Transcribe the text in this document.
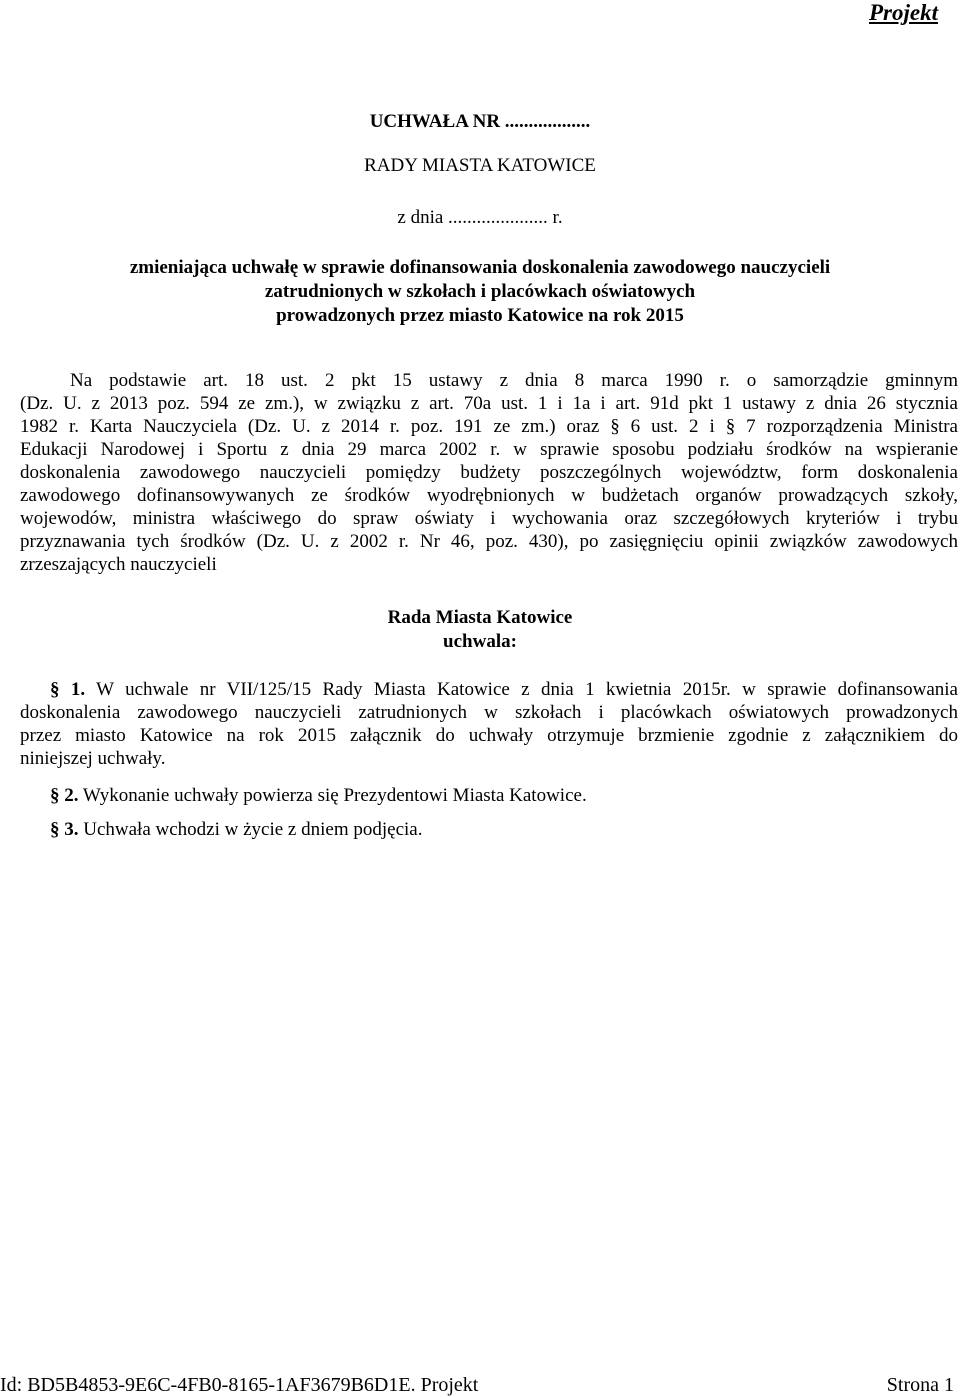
Projekt
UCHWAŁA NR ..................
RADY MIASTA KATOWICE
z dnia ..................... r.
zmieniająca uchwałę w sprawie dofinansowania doskonalenia zawodowego nauczycieli
zatrudnionych w szkołach i placówkach oświatowych
prowadzonych przez miasto Katowice na rok 2015
Na podstawie art. 18 ust. 2 pkt 15 ustawy z dnia 8 marca 1990 r. o samorządzie gminnym
(Dz. U. z 2013 poz. 594 ze zm.), w związku z art. 70a ust. 1 i 1a i art. 91d pkt 1 ustawy z dnia 26 stycznia
1982 r. Karta Nauczyciela (Dz. U. z 2014 r. poz. 191 ze zm.) oraz § 6 ust. 2 i § 7 rozporządzenia Ministra
Edukacji Narodowej i Sportu z dnia 29 marca 2002 r. w sprawie sposobu podziału środków na wspieranie
doskonalenia zawodowego nauczycieli pomiędzy budżety poszczególnych województw, form doskonalenia
zawodowego dofinansowywanych ze środków wyodrębnionych w budżetach organów prowadzących szkoły,
wojewodów, ministra właściwego do spraw oświaty i wychowania oraz szczegółowych kryteriów i trybu
przyznawania tych środków (Dz. U. z 2002 r. Nr 46, poz. 430), po zasięgnięciu opinii związków zawodowych
zrzeszających nauczycieli
Rada Miasta Katowice
uchwala:
§ 1. W uchwale nr VII/125/15 Rady Miasta Katowice z dnia 1 kwietnia 2015r. w sprawie dofinansowania
doskonalenia zawodowego nauczycieli zatrudnionych w szkołach i placówkach oświatowych prowadzonych
przez miasto Katowice na rok 2015 załącznik do uchwały otrzymuje brzmienie zgodnie z załącznikiem do
niniejszej uchwały.
§ 2. Wykonanie uchwały powierza się Prezydentowi Miasta Katowice.
§ 3. Uchwała wchodzi w życie z dniem podjęcia.
Id: BD5B4853-9E6C-4FB0-8165-1AF3679B6D1E. Projekt	Strona 1
